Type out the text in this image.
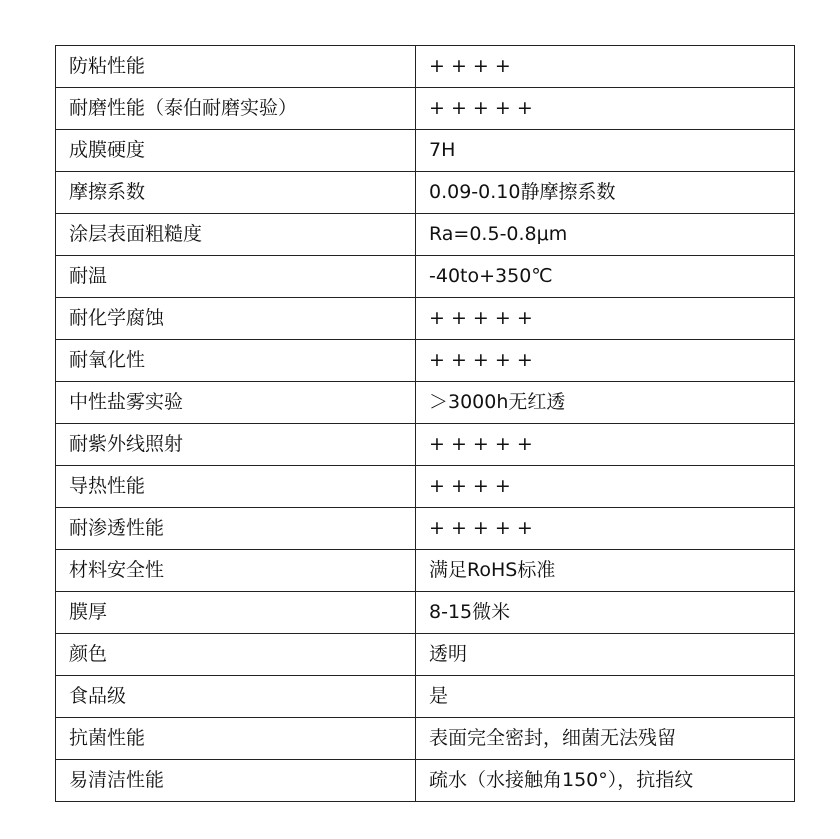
防粘性能	+ + + +
耐磨性能（泰伯耐磨实验）	+ + + + +
成膜硬度	7H
摩擦系数	0.09-0.10静摩擦系数
涂层表面粗糙度	Ra=0.5-0.8μm
耐温	-40to+350℃
耐化学腐蚀	+ + + + +
耐氧化性	+ + + + +
中性盐雾实验	＞3000h无红透
耐紫外线照射	+ + + + +
导热性能	+ + + +
耐渗透性能	+ + + + +
材料安全性	满足RoHS标准
膜厚	8-15微米
颜色	透明
食品级	是
抗菌性能	表面完全密封，细菌无法残留
易清洁性能	疏水（水接触角150°），抗指纹
